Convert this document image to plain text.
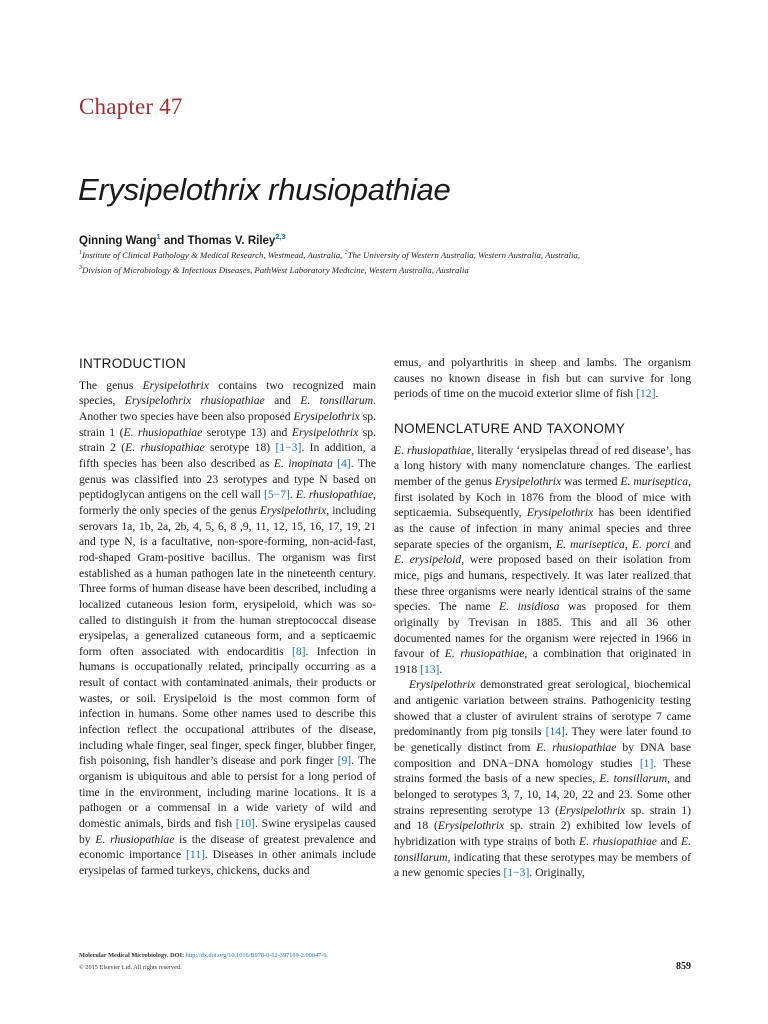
Chapter 47
Erysipelothrix rhusiopathiae
Qinning Wang$^1$ and Thomas V. Riley$^{2,3}$
$^1$Institute of Clinical Pathology & Medical Research, Westmead, Australia, $^2$The University of Western Australia, Western Australia, Australia,
$^3$Division of Microbiology & Infectious Diseases, PathWest Laboratory Medicine, Western Australia, Australia
INTRODUCTION

The genus Erysipelothrix contains two recognized main species, Erysipelothrix rhusiopathiae and E. tonsillarum. Another two species have been also proposed Erysipelothrix sp. strain 1 (E. rhusiopathiae serotype 13) and Erysipelothrix sp. strain 2 (E. rhusiopathiae serotype 18) [1−3]. In addition, a fifth species has been also described as E. inopinata [4]. The genus was classified into 23 serotypes and type N based on peptidoglycan antigens on the cell wall [5−7]. E. rhusiopathiae, formerly the only species of the genus Erysipelothrix, including serovars 1a, 1b, 2a, 2b, 4, 5, 6, 8 ,9, 11, 12, 15, 16, 17, 19, 21 and type N, is a facultative, non-spore-forming, non-acid-fast, rod-shaped Gram-positive bacillus. The organism was first established as a human pathogen late in the nineteenth century. Three forms of human disease have been described, including a localized cutaneous lesion form, erysipeloid, which was so-called to distinguish it from the human streptococcal disease erysipelas, a generalized cutaneous form, and a septicaemic form often associated with endocarditis [8]. Infection in humans is occupationally related, principally occurring as a result of contact with contaminated animals, their products or wastes, or soil. Erysipeloid is the most common form of infection in humans. Some other names used to describe this infection reflect the occupational attributes of the disease, including whale finger, seal finger, speck finger, blubber finger, fish poisoning, fish handler’s disease and pork finger [9]. The organism is ubiquitous and able to persist for a long period of time in the environment, including marine locations. It is a pathogen or a commensal in a wide variety of wild and domestic animals, birds and fish [10]. Swine erysipelas caused by E. rhusiopathiae is the disease of greatest prevalence and economic importance [11]. Diseases in other animals include erysipelas of farmed turkeys, chickens, ducks and

emus, and polyarthritis in sheep and lambs. The organism causes no known disease in fish but can survive for long periods of time on the mucoid exterior slime of fish [12].

NOMENCLATURE AND TAXONOMY

E. rhusiopathiae, literally ‘erysipelas thread of red disease’, has a long history with many nomenclature changes. The earliest member of the genus Erysipelothrix was termed E. muriseptica, first isolated by Koch in 1876 from the blood of mice with septicaemia. Subsequently, Erysipelothrix has been identified as the cause of infection in many animal species and three separate species of the organism, E. muriseptica, E. porci and E. erysipeloid, were proposed based on their isolation from mice, pigs and humans, respectively. It was later realized that these three organisms were nearly identical strains of the same species. The name E. insidiosa was proposed for them originally by Trevisan in 1885. This and all 36 other documented names for the organism were rejected in 1966 in favour of E. rhusiopathiae, a combination that originated in 1918 [13].

Erysipelothrix demonstrated great serological, biochemical and antigenic variation between strains. Pathogenicity testing showed that a cluster of avirulent strains of serotype 7 came predominantly from pig tonsils [14]. They were later found to be genetically distinct from E. rhusiopathiae by DNA base composition and DNA−DNA homology studies [1]. These strains formed the basis of a new species, E. tonsillarum, and belonged to serotypes 3, 7, 10, 14, 20, 22 and 23. Some other strains representing serotype 13 (Erysipelothrix sp. strain 1) and 18 (Erysipelothrix sp. strain 2) exhibited low levels of hybridization with type strains of both E. rhusiopathiae and E. tonsillarum, indicating that these serotypes may be members of a new genomic species [1−3]. Originally,

Molecular Medical Microbiology. DOI: http://dx.doi.org/10.1016/B978-0-12-397169-2.00047-0
© 2015 Elsevier Ltd. All rights reserved.	859
